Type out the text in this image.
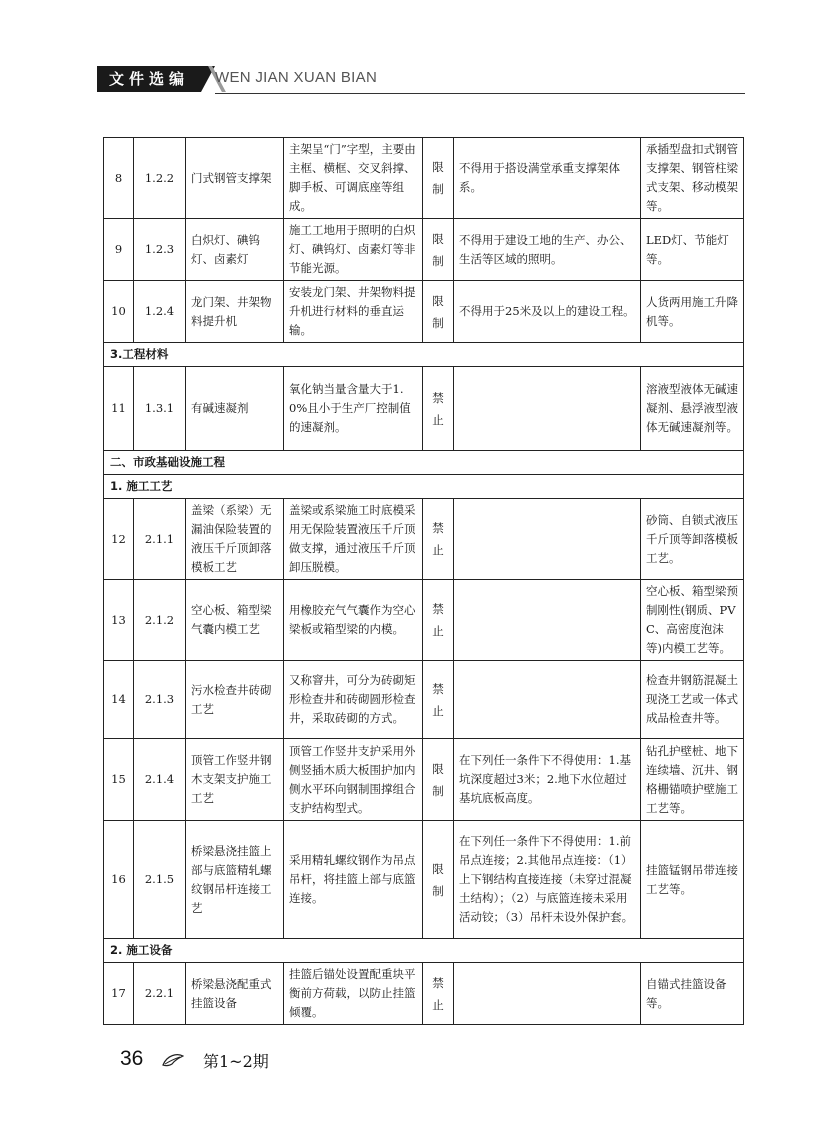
文件选编	WEN JIAN XUAN BIAN
8	1.2.2	门式钢管支撑架	主架呈“门”字型，主要由主框、横框、交叉斜撑、脚手板、可调底座等组成。	限制	不得用于搭设满堂承重支撑架体系。	承插型盘扣式钢管支撑架、钢管柱梁式支架、移动模架等。
9	1.2.3	白炽灯、碘钨灯、卤素灯	施工工地用于照明的白炽灯、碘钨灯、卤素灯等非节能光源。	限制	不得用于建设工地的生产、办公、生活等区域的照明。	LED灯、节能灯等。
10	1.2.4	龙门架、井架物料提升机	安装龙门架、井架物料提升机进行材料的垂直运输。	限制	不得用于25米及以上的建设工程。	人货两用施工升降机等。
3.工程材料						
11	1.3.1	有碱速凝剂	氧化钠当量含量大于1.0%且小于生产厂控制值的速凝剂。	禁止		溶液型液体无碱速凝剂、悬浮液型液体无碱速凝剂等。
二、市政基础设施工程						
1. 施工工艺						
12	2.1.1	盖梁（系梁）无漏油保险装置的液压千斤顶卸落模板工艺	盖梁或系梁施工时底模采用无保险装置液压千斤顶做支撑，通过液压千斤顶卸压脱模。	禁止		砂筒、自锁式液压千斤顶等卸落模板工艺。
13	2.1.2	空心板、箱型梁气囊内模工艺	用橡胶充气气囊作为空心梁板或箱型梁的内模。	禁止		空心板、箱型梁预制刚性(钢质、PVC、高密度泡沫等)内模工艺等。
14	2.1.3	污水检查井砖砌工艺	又称窨井，可分为砖砌矩形检查井和砖砌圆形检查井，采取砖砌的方式。	禁止		检查井钢筋混凝土现浇工艺或一体式成品检查井等。
15	2.1.4	顶管工作竖井钢木支架支护施工工艺	顶管工作竖井支护采用外侧竖插木质大板围护加内侧水平环向钢制围撑组合支护结构型式。	限制	在下列任一条件下不得使用：1.基坑深度超过3米；2.地下水位超过基坑底板高度。	钻孔护壁桩、地下连续墙、沉井、钢格栅锚喷护壁施工工艺等。
16	2.1.5	桥梁悬浇挂篮上部与底篮精轧螺纹钢吊杆连接工艺	采用精轧螺纹钢作为吊点吊杆，将挂篮上部与底篮连接。	限制	在下列任一条件下不得使用：1.前吊点连接；2.其他吊点连接：（1）上下钢结构直接连接（未穿过混凝土结构）；（2）与底篮连接未采用活动铰；（3）吊杆未设外保护套。	挂篮锰钢吊带连接工艺等。
2. 施工设备						
17	2.2.1	桥梁悬浇配重式挂篮设备	挂篮后锚处设置配重块平衡前方荷载，以防止挂篮倾覆。	禁止		自锚式挂篮设备等。
36	第1~2期
